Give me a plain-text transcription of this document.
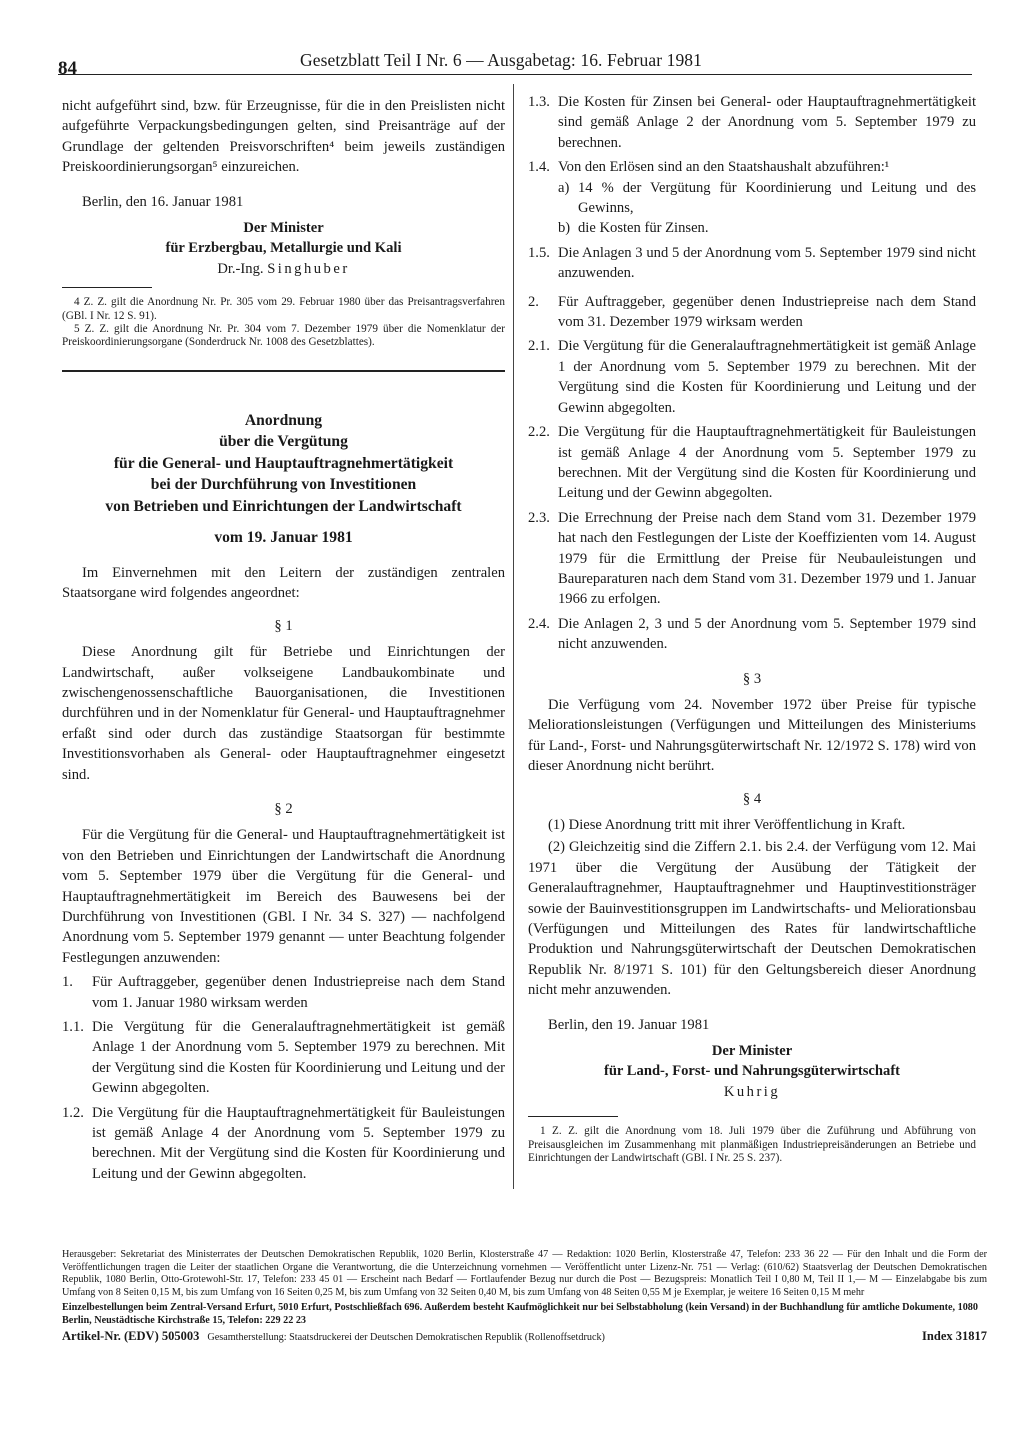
84	Gesetzblatt Teil I Nr. 6 — Ausgabetag: 16. Februar 1981

nicht aufgeführt sind, bzw. für Erzeugnisse, für die in den Preislisten nicht aufgeführte Verpackungsbedingungen gelten, sind Preisanträge auf der Grundlage der geltenden Preisvorschriften⁴ beim jeweils zuständigen Preiskoordinierungsorgan⁵ einzureichen.

Berlin, den 16. Januar 1981

Der Minister
für Erzbergbau, Metallurgie und Kali
Dr.-Ing. Singhuber

4 Z. Z. gilt die Anordnung Nr. Pr. 305 vom 29. Februar 1980 über das Preisantragsverfahren (GBl. I Nr. 12 S. 91).

5 Z. Z. gilt die Anordnung Nr. Pr. 304 vom 7. Dezember 1979 über die Nomenklatur der Preiskoordinierungsorgane (Sonderdruck Nr. 1008 des Gesetzblattes).

Anordnung
über die Vergütung
für die General- und Hauptauftragnehmertätigkeit
bei der Durchführung von Investitionen
von Betrieben und Einrichtungen der Landwirtschaft
vom 19. Januar 1981

Im Einvernehmen mit den Leitern der zuständigen zentralen Staatsorgane wird folgendes angeordnet:

§ 1

Diese Anordnung gilt für Betriebe und Einrichtungen der Landwirtschaft, außer volkseigene Landbaukombinate und zwischengenossenschaftliche Bauorganisationen, die Investitionen durchführen und in der Nomenklatur für General- und Hauptauftragnehmer erfaßt sind oder durch das zuständige Staatsorgan für bestimmte Investitionsvorhaben als General- oder Hauptauftragnehmer eingesetzt sind.

§ 2

Für die Vergütung für die General- und Hauptauftragnehmertätigkeit ist von den Betrieben und Einrichtungen der Landwirtschaft die Anordnung vom 5. September 1979 über die Vergütung für die General- und Hauptauftragnehmertätigkeit im Bereich des Bauwesens bei der Durchführung von Investitionen (GBl. I Nr. 34 S. 327) — nachfolgend Anordnung vom 5. September 1979 genannt — unter Beachtung folgender Festlegungen anzuwenden:

1.	Für Auftraggeber, gegenüber denen Industriepreise nach dem Stand vom 1. Januar 1980 wirksam werden
1.1. Die Vergütung für die Generalauftragnehmertätigkeit ist gemäß Anlage 1 der Anordnung vom 5. September 1979 zu berechnen. Mit der Vergütung sind die Kosten für Koordinierung und Leitung und der Gewinn abgegolten.
1.2. Die Vergütung für die Hauptauftragnehmertätigkeit für Bauleistungen ist gemäß Anlage 4 der Anordnung vom 5. September 1979 zu berechnen. Mit der Vergütung sind die Kosten für Koordinierung und Leitung und der Gewinn abgegolten.
1.3. Die Kosten für Zinsen bei General- oder Hauptauftragnehmertätigkeit sind gemäß Anlage 2 der Anordnung vom 5. September 1979 zu berechnen.
1.4. Von den Erlösen sind an den Staatshaushalt abzuführen:¹
a) 14 % der Vergütung für Koordinierung und Leitung und des Gewinns,
b) die Kosten für Zinsen.
1.5. Die Anlagen 3 und 5 der Anordnung vom 5. September 1979 sind nicht anzuwenden.
2.	Für Auftraggeber, gegenüber denen Industriepreise nach dem Stand vom 31. Dezember 1979 wirksam werden
2.1. Die Vergütung für die Generalauftragnehmertätigkeit ist gemäß Anlage 1 der Anordnung vom 5. September 1979 zu berechnen. Mit der Vergütung sind die Kosten für Koordinierung und Leitung und der Gewinn abgegolten.
2.2. Die Vergütung für die Hauptauftragnehmertätigkeit für Bauleistungen ist gemäß Anlage 4 der Anordnung vom 5. September 1979 zu berechnen. Mit der Vergütung sind die Kosten für Koordinierung und Leitung und der Gewinn abgegolten.
2.3. Die Errechnung der Preise nach dem Stand vom 31. Dezember 1979 hat nach den Festlegungen der Liste der Koeffizienten vom 14. August 1979 für die Ermittlung der Preise für Neubauleistungen und Baureparaturen nach dem Stand vom 31. Dezember 1979 und 1. Januar 1966 zu erfolgen.
2.4. Die Anlagen 2, 3 und 5 der Anordnung vom 5. September 1979 sind nicht anzuwenden.
§ 3

Die Verfügung vom 24. November 1972 über Preise für typische Meliorationsleistungen (Verfügungen und Mitteilungen des Ministeriums für Land-, Forst- und Nahrungsgüterwirtschaft Nr. 12/1972 S. 178) wird von dieser Anordnung nicht berührt.

§ 4

(1) Diese Anordnung tritt mit ihrer Veröffentlichung in Kraft.

(2) Gleichzeitig sind die Ziffern 2.1. bis 2.4. der Verfügung vom 12. Mai 1971 über die Vergütung der Ausübung der Tätigkeit der Generalauftragnehmer, Hauptauftragnehmer und Hauptinvestitionsträger sowie der Bauinvestitionsgruppen im Landwirtschafts- und Meliorationsbau (Verfügungen und Mitteilungen des Rates für landwirtschaftliche Produktion und Nahrungsgüterwirtschaft der Deutschen Demokratischen Republik Nr. 8/1971 S. 101) für den Geltungsbereich dieser Anordnung nicht mehr anzuwenden.

Berlin, den 19. Januar 1981

Der Minister
für Land-, Forst- und Nahrungsgüterwirtschaft
Kuhrig

1 Z. Z. gilt die Anordnung vom 18. Juli 1979 über die Zuführung und Abführung von Preisausgleichen im Zusammenhang mit planmäßigen Industriepreisänderungen an Betriebe und Einrichtungen der Landwirtschaft (GBl. I Nr. 25 S. 237).

Herausgeber: Sekretariat des Ministerrates der Deutschen Demokratischen Republik, 1020 Berlin, Klosterstraße 47 — Redaktion: 1020 Berlin, Klosterstraße 47, Telefon: 233 36 22 — Für den Inhalt und die Form der Veröffentlichungen tragen die Leiter der staatlichen Organe die Verantwortung, die die Unterzeichnung vornehmen — Veröffentlicht unter Lizenz-Nr. 751 — Verlag: (610/62) Staatsverlag der Deutschen Demokratischen Republik, 1080 Berlin, Otto-Grotewohl-Str. 17, Telefon: 233 45 01 — Erscheint nach Bedarf — Fortlaufender Bezug nur durch die Post — Bezugspreis: Monatlich Teil I 0,80 M, Teil II 1,— M — Einzelabgabe bis zum Umfang von 8 Seiten 0,15 M, bis zum Umfang von 16 Seiten 0,25 M, bis zum Umfang von 32 Seiten 0,40 M, bis zum Umfang von 48 Seiten 0,55 M je Exemplar, je weitere 16 Seiten 0,15 M mehr

Einzelbestellungen beim Zentral-Versand Erfurt, 5010 Erfurt, Postschließfach 696. Außerdem besteht Kaufmöglichkeit nur bei Selbstabholung (kein Versand) in der Buchhandlung für amtliche Dokumente, 1080 Berlin, Neustädtische Kirchstraße 15, Telefon: 229 22 23

Artikel-Nr. (EDV) 505003 Gesamtherstellung: Staatsdruckerei der Deutschen Demokratischen Republik (Rollenoffsetdruck)	Index 31817
